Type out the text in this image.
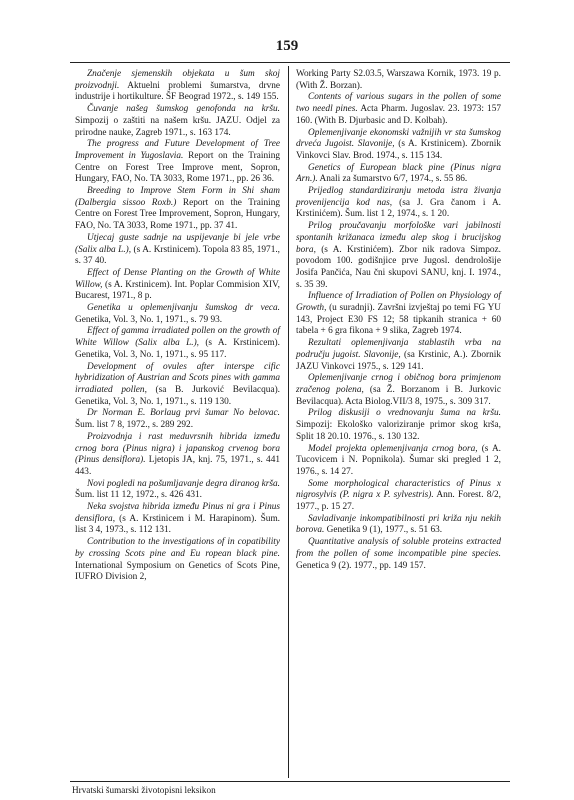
159

Značenje sjemenskih objekata u šum skoj proizvodnji. Aktuelni problemi šumarstva, drvne industrije i hortikulture. ŠF Beograd 1972., s. 149 155.

Čuvanje našeg šumskog genofonda na kršu. Simpozij o zaštiti na našem kršu. JAZU. Odjel za prirodne nauke, Zagreb 1971., s. 163 174.

The progress and Future Development of Tree Improvement in Yugoslavia. Report on the Training Centre on Forest Tree Improve ment, Sopron, Hungary, FAO, No. TA 3033, Rome 1971., pp. 26 36.

Breeding to Improve Stem Form in Shi sham (Dalbergia sissoo Roxb.) Report on the Training Centre on Forest Tree Improvement, Sopron, Hungary, FAO, No. TA 3033, Rome 1971., pp. 37 41.

Utjecaj guste sadnje na uspijevanje bi jele vrbe (Salix alba L.), (s A. Krstinicem). Topola 83 85, 1971., s. 37 40.

Effect of Dense Planting on the Growth of White Willow, (s A. Krstinicem). Int. Poplar Commision XIV, Bucarest, 1971., 8 p.

Genetika u oplemenjivanju šumskog dr veca. Genetika, Vol. 3, No. 1, 1971., s. 79 93.

Effect of gamma irradiated pollen on the growth of White Willow (Salix alba L.), (s A. Krstinicem). Genetika, Vol. 3, No. 1, 1971., s. 95 117.

Development of ovules after interspe cific hybridization of Austrian and Scots pines with gamma irradiated pollen, (sa B. Jurković Bevilacqua). Genetika, Vol. 3, No. 1, 1971., s. 119 130.

Dr Norman E. Borlaug prvi šumar No belovac. Šum. list 7 8, 1972., s. 289 292.

Proizvodnja i rast meduvrsnih hibrida između crnog bora (Pinus nigra) i japanskog crvenog bora (Pinus densiflora). Ljetopis JA, knj. 75, 1971., s. 441 443.

Novi pogledi na pošumljavanje degra diranog krša. Šum. list 11 12, 1972., s. 426 431.

Neka svojstva hibrida između Pinus ni gra i Pinus densiflora, (s A. Krstinicem i M. Harapinom). Šum. list 3 4, 1973., s. 112 131.

Contribution to the investigations of in copatibility by crossing Scots pine and Eu ropean black pine. International Symposium on Genetics of Scots Pine, IUFRO Division 2,

Working Party S2.03.5, Warszawa Kornik, 1973. 19 p. (With Ž. Borzan).

Contents of various sugars in the pollen of some two needl pines. Acta Pharm. Jugoslav. 23. 1973: 157 160. (With B. Djurbasic and D. Kolbah).

Oplemenjivanje ekonomski važnijih vr sta šumskog drveća Jugoist. Slavonije, (s A. Krstinicem). Zbornik Vinkovci Slav. Brod. 1974., s. 115 134.

Genetics of European black pine (Pinus nigra Arn.). Anali za šumarstvo 6/7, 1974., s. 55 86.

Prijedlog standardiziranju metoda istra živanja provenijencija kod nas, (sa J. Gra čanom i A. Krstinićem). Šum. list 1 2, 1974., s. 1 20.

Prilog proučavanju morfološke vari jabilnosti spontanih križanaca između alep skog i brucijskog bora, (s A. Krstinićem). Zbor nik radova Simpoz. povodom 100. godišnjice prve Jugosl. dendrološije Josifa Pančića, Nau čni skupovi SANU, knj. I. 1974., s. 35 39.

Influence of Irradiation of Pollen on Physiology of Growth, (u suradnji). Završni izvještaj po temi FG YU 143, Project E30 FS 12; 58 tipkanih stranica + 60 tabela + 6 gra fikona + 9 slika, Zagreb 1974.

Rezultati oplemenjivanja stablastih vrba na području jugoist. Slavonije, (sa Krstinic, A.). Zbornik JAZU Vinkovci 1975., s. 129 141.

Oplemenjivanje crnog i običnog bora primjenom zračenog polena, (sa Ž. Borzanom i B. Jurkovic Bevilacqua). Acta Biolog.VII/3 8, 1975., s. 309 317.

Prilog diskusiji o vrednovanju šuma na kršu. Simpozij: Ekološko valoriziranje primor skog krša, Split 18 20.10. 1976., s. 130 132.

Model projekta oplemenjivanja crnog bora, (s A. Tucovicem i N. Popnikola). Šumar ski pregled 1 2, 1976., s. 14 27.

Some morphological characteristics of Pinus x nigrosylvis (P. nigra x P. sylvestris). Ann. Forest. 8/2, 1977., p. 15 27.

Savladivanje inkompatibilnosti pri križa nju nekih borova. Genetika 9 (1), 1977., s. 51 63.

Quantitative analysis of soluble proteins extracted from the pollen of some incompatible pine species. Genetica 9 (2). 1977., pp. 149 157.

Hrvatski šumarski životopisni leksikon
